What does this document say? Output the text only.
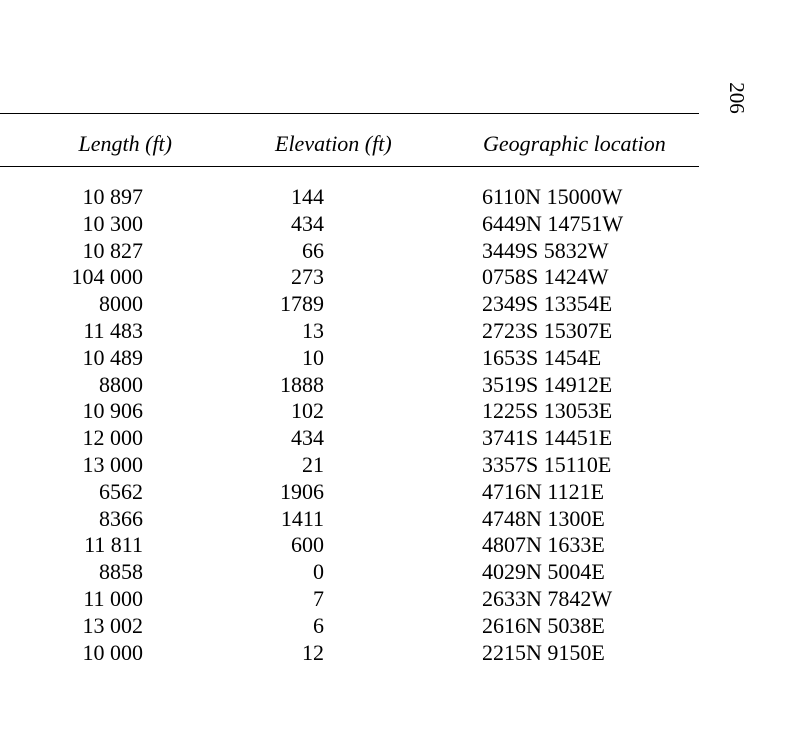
206
Length (ft)	Elevation (ft)	Geographic location
10 897	144	6110N 15000W
10 300	434	6449N 14751W
10 827	66	3449S 5832W
104 000	273	0758S 1424W
8000	1789	2349S 13354E
11 483	13	2723S 15307E
10 489	10	1653S 1454E
8800	1888	3519S 14912E
10 906	102	1225S 13053E
12 000	434	3741S 14451E
13 000	21	3357S 15110E
6562	1906	4716N 1121E
8366	1411	4748N 1300E
11 811	600	4807N 1633E
8858	0	4029N 5004E
11 000	7	2633N 7842W
13 002	6	2616N 5038E
10 000	12	2215N 9150E
